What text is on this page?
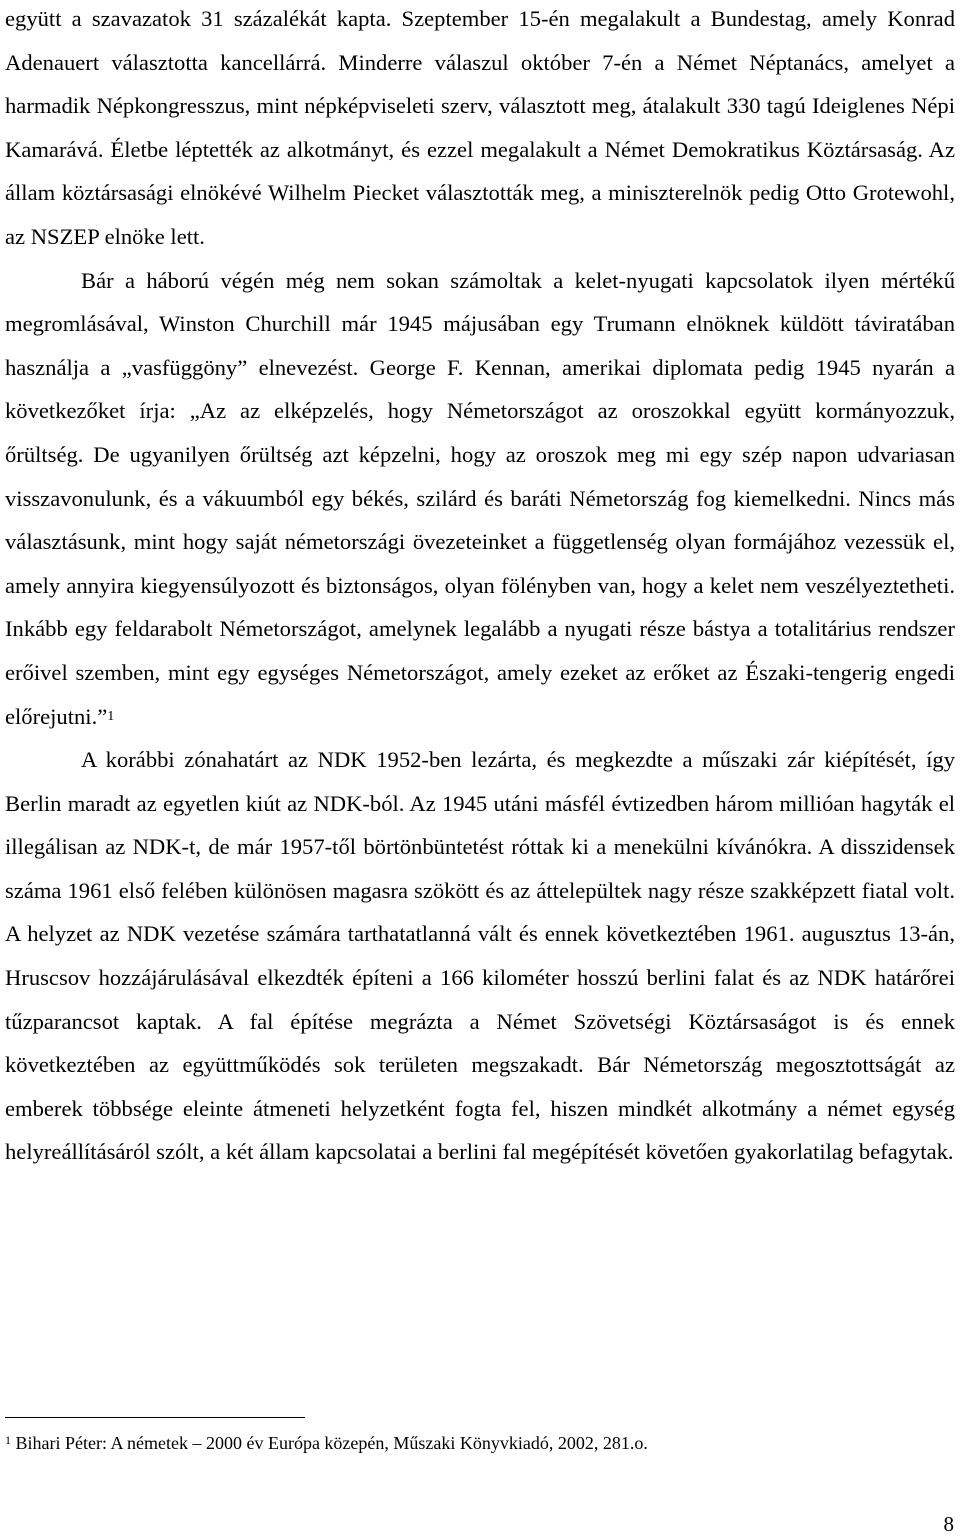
együtt a szavazatok 31 százalékát kapta. Szeptember 15-én megalakult a Bundestag, amely Konrad Adenauert választotta kancellárrá. Minderre válaszul október 7-én a Német Néptanács, amelyet a harmadik Népkongresszus, mint népképviseleti szerv, választott meg, átalakult 330 tagú Ideiglenes Népi Kamarává. Életbe léptették az alkotmányt, és ezzel megalakult a Német Demokratikus Köztársaság. Az állam köztársasági elnökévé Wilhelm Piecket választották meg, a miniszterelnök pedig Otto Grotewohl, az NSZEP elnöke lett.

Bár a háború végén még nem sokan számoltak a kelet-nyugati kapcsolatok ilyen mértékű megromlásával, Winston Churchill már 1945 májusában egy Trumann elnöknek küldött táviratában használja a „vasfüggöny” elnevezést. George F. Kennan, amerikai diplomata pedig 1945 nyarán a következőket írja: „Az az elképzelés, hogy Németországot az oroszokkal együtt kormányozzuk, őrültség. De ugyanilyen őrültség azt képzelni, hogy az oroszok meg mi egy szép napon udvariasan visszavonulunk, és a vákuumból egy békés, szilárd és baráti Németország fog kiemelkedni. Nincs más választásunk, mint hogy saját németországi övezeteinket a függetlenség olyan formájához vezessük el, amely annyira kiegyensúlyozott és biztonságos, olyan fölényben van, hogy a kelet nem veszélyeztetheti. Inkább egy feldarabolt Németországot, amelynek legalább a nyugati része bástya a totalitárius rendszer erőivel szemben, mint egy egységes Németországot, amely ezeket az erőket az Északi-tengerig engedi előrejutni.”$^1$

A korábbi zónahatárt az NDK 1952-ben lezárta, és megkezdte a műszaki zár kiépítését, így Berlin maradt az egyetlen kiút az NDK-ból. Az 1945 utáni másfél évtizedben három millióan hagyták el illegálisan az NDK-t, de már 1957-től börtönbüntetést róttak ki a menekülni kívánókra. A disszidensek száma 1961 első felében különösen magasra szökött és az áttelepültek nagy része szakképzett fiatal volt. A helyzet az NDK vezetése számára tarthatatlanná vált és ennek következtében 1961. augusztus 13-án, Hruscsov hozzájárulásával elkezdték építeni a 166 kilométer hosszú berlini falat és az NDK határőrei tűzparancsot kaptak. A fal építése megrázta a Német Szövetségi Köztársaságot is és ennek következtében az együttműködés sok területen megszakadt. Bár Németország megosztottságát az emberek többsége eleinte átmeneti helyzetként fogta fel, hiszen mindkét alkotmány a német egység helyreállításáról szólt, a két állam kapcsolatai a berlini fal megépítését követően gyakorlatilag befagytak.

$^1$ Bihari Péter: A németek – 2000 év Európa közepén, Műszaki Könyvkiadó, 2002, 281.o.
8
